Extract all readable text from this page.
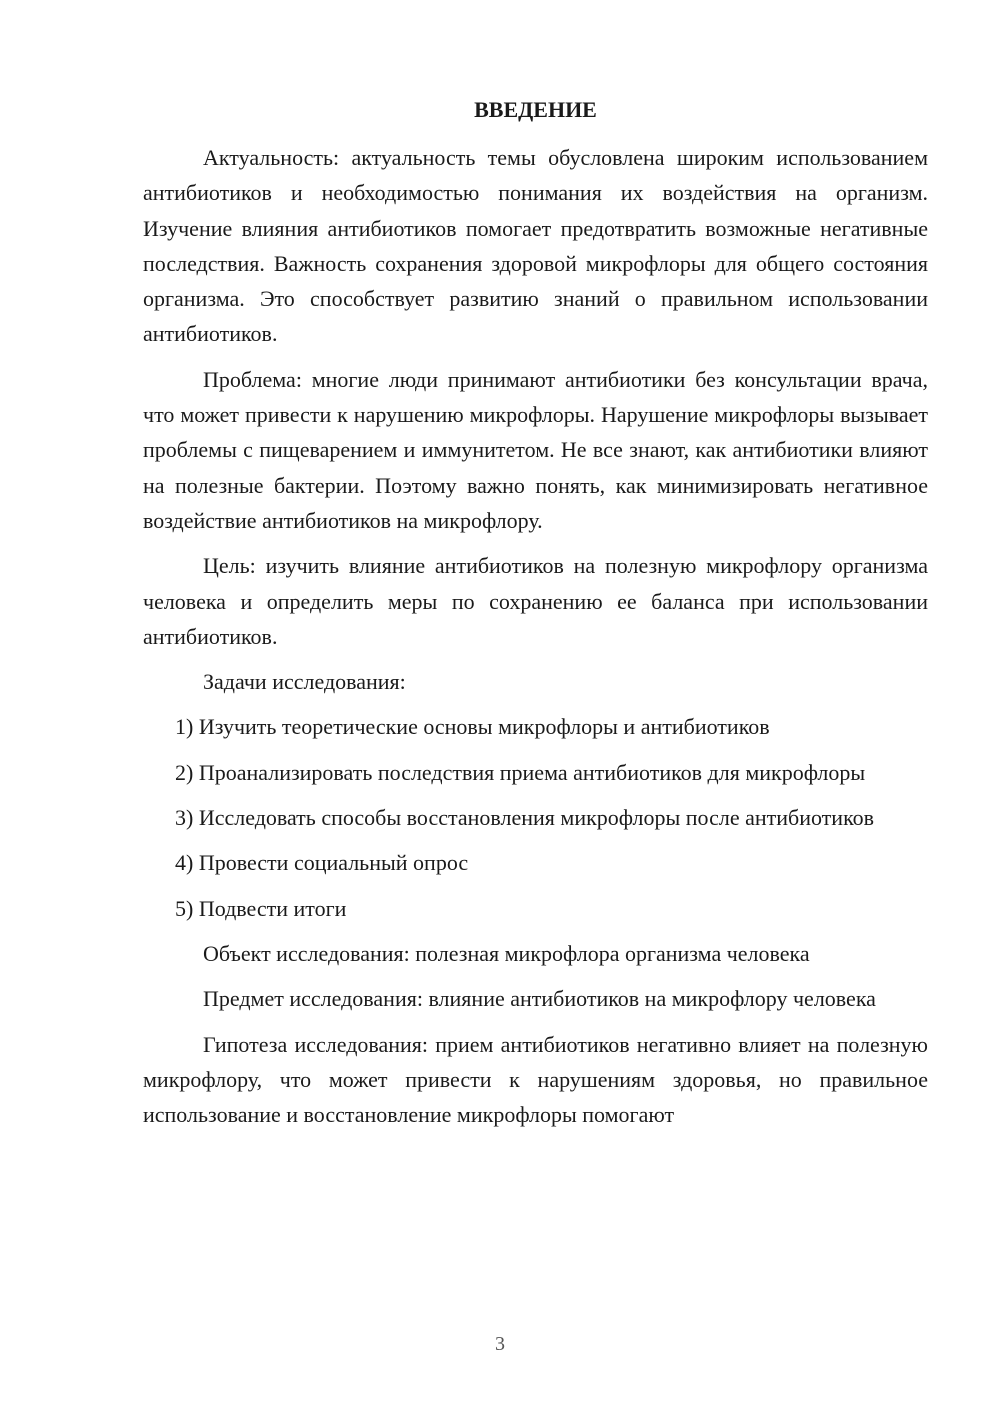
ВВЕДЕНИЕ

Актуальность: актуальность темы обусловлена широким использованием антибиотиков и необходимостью понимания их воздействия на организм. Изучение влияния антибиотиков помогает предотвратить возможные негативные последствия. Важность сохранения здоровой микрофлоры для общего состояния организма. Это способствует развитию знаний о правильном использовании антибиотиков.

Проблема: многие люди принимают антибиотики без консультации врача, что может привести к нарушению микрофлоры. Нарушение микрофлоры вызывает проблемы с пищеварением и иммунитетом. Не все знают, как антибиотики влияют на полезные бактерии. Поэтому важно понять, как минимизировать негативное воздействие антибиотиков на микрофлору.

Цель: изучить влияние антибиотиков на полезную микрофлору организма человека и определить меры по сохранению ее баланса при использовании антибиотиков.

Задачи исследования:

1) Изучить теоретические основы микрофлоры и антибиотиков

2) Проанализировать последствия приема антибиотиков для микрофлоры

3) Исследовать способы восстановления микрофлоры после антибиотиков

4) Провести социальный опрос

5) Подвести итоги

Объект исследования: полезная микрофлора организма человека

Предмет исследования: влияние антибиотиков на микрофлору человека

Гипотеза исследования: прием антибиотиков негативно влияет на полезную микрофлору, что может привести к нарушениям здоровья, но правильное использование и восстановление микрофлоры помогают

3
